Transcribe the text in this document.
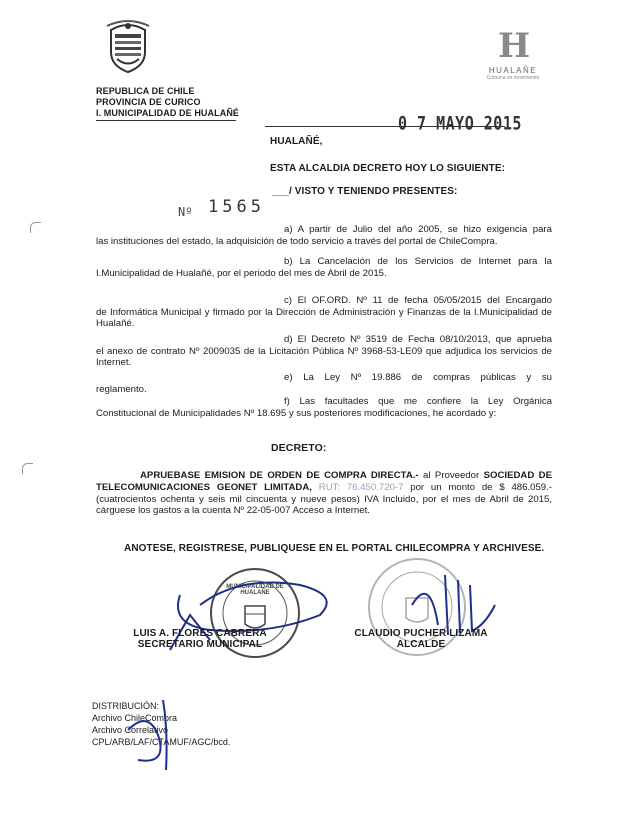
H
HUALAÑE
Comuna en movimiento
REPUBLICA DE CHILE
PROVINCIA DE CURICO
I. MUNICIPALIDAD DE HUALAÑÉ	0 7 MAYO 2015
HUALAÑÉ,
ESTA ALCALDIA DECRETO HOY LO SIGUIENTE:
Nº 1565
___/ VISTO Y TENIENDO PRESENTES:
a) A partir de Julio del año 2005, se hizo exigencia para
las instituciones del estado, la adquisición de todo servicio a través del portal de ChileCompra.
b) La Cancelación de los Servicios de Internet para la
I.Municipalidad de Hualañé, por el periodo del mes de Abril de 2015.
c) El OF.ORD. Nº 11 de fecha 05/05/2015 del Encargado
de Informática Municipal y firmado por la Dirección de Administración y Finanzas de la I.Municipalidad de Hualañé.
d) El Decreto Nº 3519 de Fecha 08/10/2013, que aprueba
el anexo de contrato Nº 2009035 de la Licitación Pública Nº 3968-53-LE09 que adjudica los servicios de Internet.
e) La Ley Nº 19.886 de compras públicas y su
reglamento.
f) Las facultades que me confiere la Ley Orgánica
Constitucional de Municipalidades Nº 18.695 y sus posteriores modificaciones, he acordado y:
DECRETO:
APRUEBASE EMISION DE ORDEN DE COMPRA DIRECTA.- al Proveedor SOCIEDAD DE TELECOMUNICACIONES GEONET LIMITADA, RUT: 76.450.720-7 por un monto de $ 486.059.- (cuatrocientos ochenta y seis mil cincuenta y nueve pesos) IVA Incluido, por el mes de Abril de 2015, cárguese los gastos a la cuenta Nº 22-05-007 Acceso a Internet.
ANOTESE, REGISTRESE, PUBLIQUESE EN EL PORTAL CHILECOMPRA Y ARCHIVESE.
MUNICIPALIDAD DE HUALAÑE
LUIS A. FLORES CABRERA
SECRETARIO MUNICIPAL
CLAUDIO PUCHER LIZAMA
ALCALDE
DISTRIBUCIÓN:
Archivo ChileCompra
Archivo Correlativo
CPL/ARB/LAF/CTAMUF/AGC/bcd.
